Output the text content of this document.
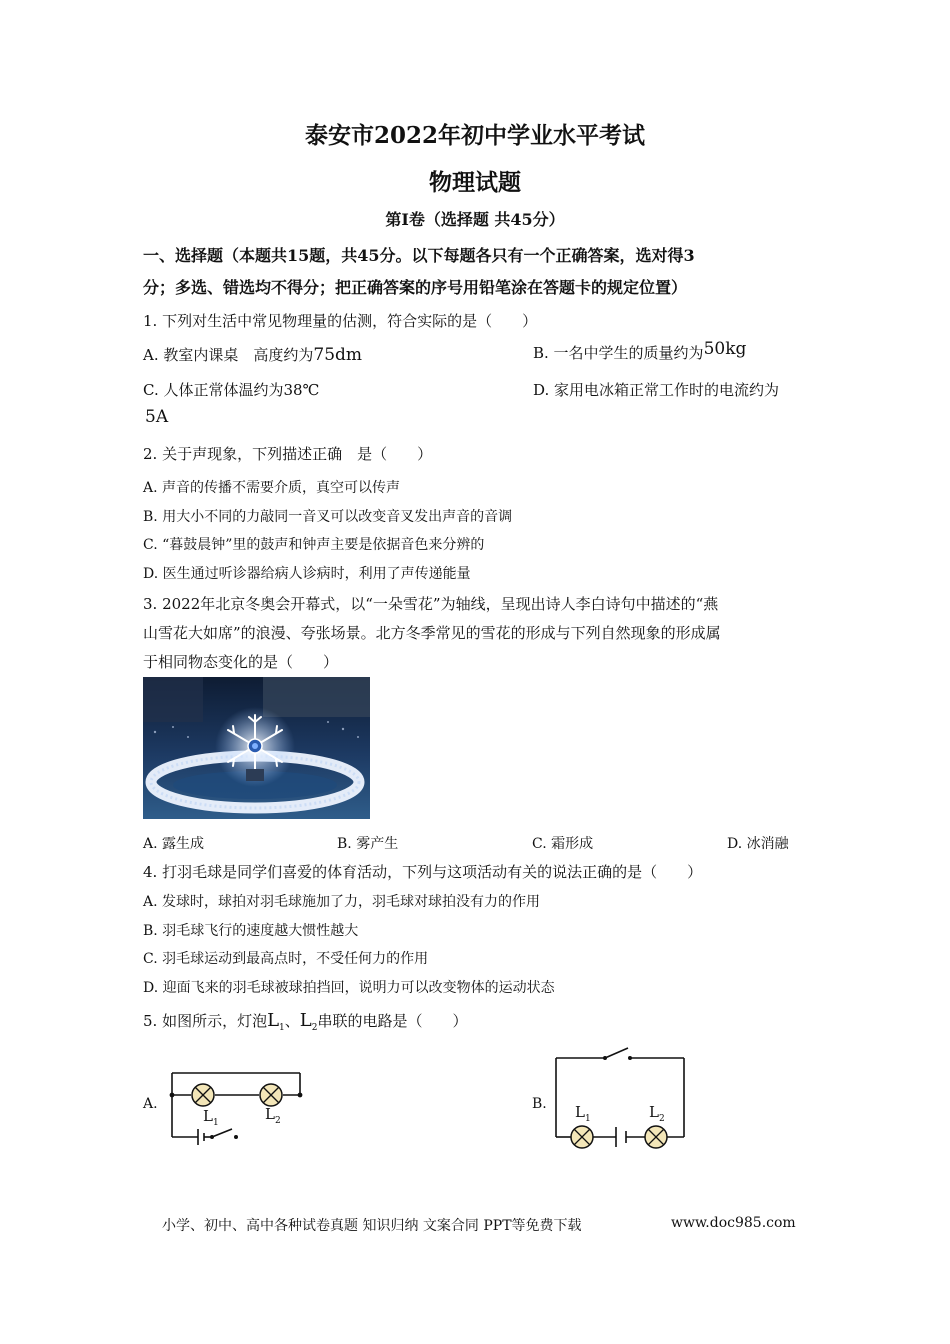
泰安市2022年初中学业水平考试
物理试题
第Ⅰ卷（选择题 共45分）
一、选择题（本题共15题，共45分。以下每题各只有一个正确答案，选对得3
分；多选、错选均不得分；把正确答案的序号用铅笔涂在答题卡的规定位置）
1. 下列对生活中常见物理量的估测，符合实际的是（　　）
A. 教室内课桌　高度约为75dm	B. 一名中学生的质量约为50kg
C. 人体正常体温约为38℃	D. 家用电冰箱正常工作时的电流约为
5A
2. 关于声现象，下列描述正确　是（　　）
A. 声音的传播不需要介质，真空可以传声
B. 用大小不同的力敲同一音叉可以改变音叉发出声音的音调
C. “暮鼓晨钟”里的鼓声和钟声主要是依据音色来分辨的
D. 医生通过听诊器给病人诊病时，利用了声传递能量
3. 2022年北京冬奥会开幕式，以“一朵雪花”为轴线，呈现出诗人李白诗句中描述的“燕
山雪花大如席”的浪漫、夸张场景。北方冬季常见的雪花的形成与下列自然现象的形成属
于相同物态变化的是（　　）
A. 露生成	B. 雾产生	C. 霜形成	D. 冰消融
4. 打羽毛球是同学们喜爱的体育活动，下列与这项活动有关的说法正确的是（　　）
A. 发球时，球拍对羽毛球施加了力，羽毛球对球拍没有力的作用
B. 羽毛球飞行的速度越大惯性越大
C. 羽毛球运动到最高点时，不受任何力的作用
D. 迎面飞来的羽毛球被球拍挡回，说明力可以改变物体的运动状态
5. 如图所示，灯泡$L_1$、$L_2$串联的电路是（　　）
A.
$L_1$	$L_2$
B. $L_1$	$L_2$
小学、初中、高中各种试卷真题 知识归纳 文案合同 PPT等免费下载	www.doc985.com
